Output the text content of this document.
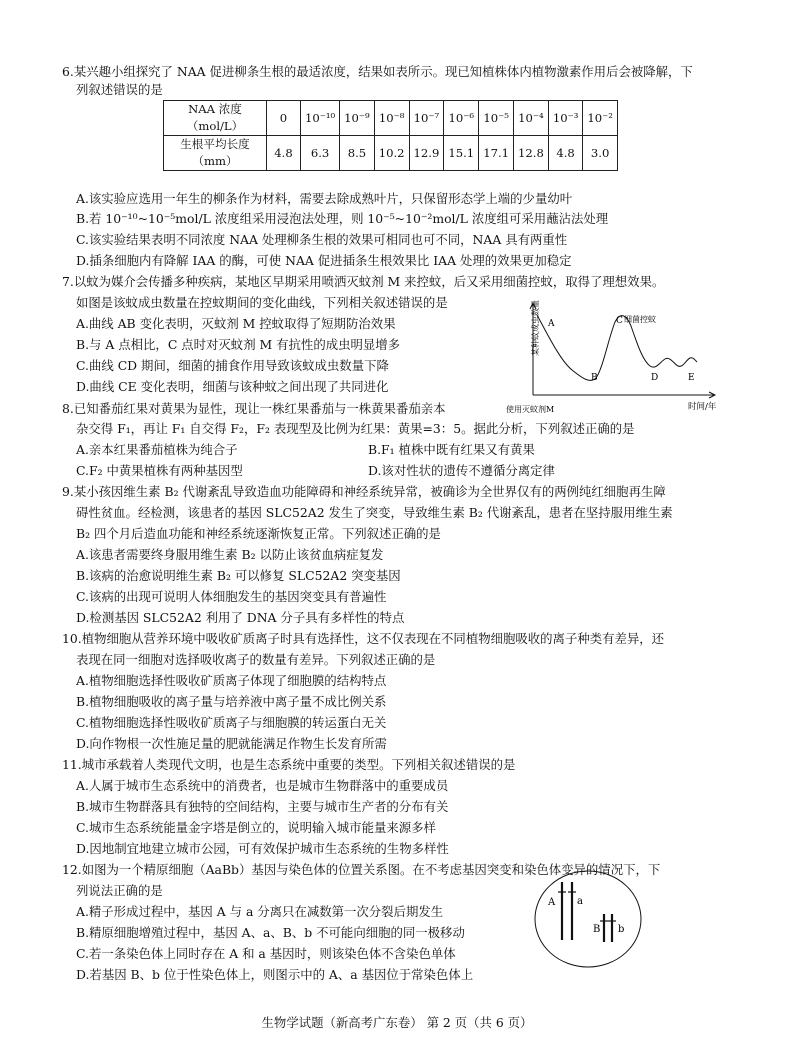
6.某兴趣小组探究了 NAA 促进柳条生根的最适浓度，结果如表所示。现已知植株体内植物激素作用后会被降解，下
列叙述错误的是
NAA 浓度
（mol/L）	0	10⁻¹⁰	10⁻⁹	10⁻⁸	10⁻⁷	10⁻⁶	10⁻⁵	10⁻⁴	10⁻³	10⁻²

生根平均长度
（mm）	4.8	6.3	8.5	10.2	12.9	15.1	17.1	12.8	4.8	3.0
A.该实验应选用一年生的柳条作为材料，需要去除成熟叶片，只保留形态学上端的少量幼叶
B.若 10⁻¹⁰~10⁻⁵mol/L 浓度组采用浸泡法处理，则 10⁻⁵~10⁻²mol/L 浓度组可采用蘸沾法处理
C.该实验结果表明不同浓度 NAA 处理柳条生根的效果可相同也可不同，NAA 具有两重性
D.插条细胞内有降解 IAA 的酶，可使 NAA 促进插条生根效果比 IAA 处理的效果更加稳定
7.以蚊为媒介会传播多种疾病，某地区早期采用喷洒灭蚊剂 M 来控蚊，后又采用细菌控蚊，取得了理想效果。
如图是该蚊成虫数量在控蚊期间的变化曲线，下列相关叙述错误的是
A.曲线 AB 变化表明，灭蚊剂 M 控蚊取得了短期防治效果
B.与 A 点相比，C 点时对灭蚊剂 M 有抗性的成虫明显增多
C.曲线 CD 期间，细菌的捕食作用导致该蚊成虫数量下降
D.曲线 CE 变化表明，细菌与该种蚊之间出现了共同进化
某种蚊成虫数量
时间/年
使用灭蚊剂M
A
B
C 细菌控蚊
D	E
8.已知番茄红果对黄果为显性，现让一株红果番茄与一株黄果番茄亲本
杂交得 F₁，再让 F₁ 自交得 F₂，F₂ 表现型及比例为红果：黄果=3：5。据此分析，下列叙述正确的是
A.亲本红果番茄植株为纯合子	B.F₁ 植株中既有红果又有黄果
C.F₂ 中黄果植株有两种基因型	D.该对性状的遗传不遵循分离定律
9.某小孩因维生素 B₂ 代谢紊乱导致造血功能障碍和神经系统异常，被确诊为全世界仅有的两例纯红细胞再生障
碍性贫血。经检测，该患者的基因 SLC52A2 发生了突变，导致维生素 B₂ 代谢紊乱，患者在坚持服用维生素
B₂ 四个月后造血功能和神经系统逐渐恢复正常。下列叙述正确的是
A.该患者需要终身服用维生素 B₂ 以防止该贫血病症复发
B.该病的治愈说明维生素 B₂ 可以修复 SLC52A2 突变基因
C.该病的出现可说明人体细胞发生的基因突变具有普遍性
D.检测基因 SLC52A2 利用了 DNA 分子具有多样性的特点
10.植物细胞从营养环境中吸收矿质离子时具有选择性，这不仅表现在不同植物细胞吸收的离子种类有差异，还
表现在同一细胞对选择吸收离子的数量有差异。下列叙述正确的是
A.植物细胞选择性吸收矿质离子体现了细胞膜的结构特点
B.植物细胞吸收的离子量与培养液中离子量不成比例关系
C.植物细胞选择性吸收矿质离子与细胞膜的转运蛋白无关
D.向作物根一次性施足量的肥就能满足作物生长发育所需
11.城市承载着人类现代文明，也是生态系统中重要的类型。下列相关叙述错误的是
A.人属于城市生态系统中的消费者，也是城市生物群落中的重要成员
B.城市生物群落具有独特的空间结构，主要与城市生产者的分布有关
C.城市生态系统能量金字塔是倒立的，说明输入城市能量来源多样
D.因地制宜地建立城市公园，可有效保护城市生态系统的生物多样性
12.如图为一个精原细胞（AaBb）基因与染色体的位置关系图。在不考虑基因突变和染色体变异的情况下，下
列说法正确的是
A.精子形成过程中，基因 A 与 a 分离只在减数第一次分裂后期发生
B.精原细胞增殖过程中，基因 A、a、B、b 不可能向细胞的同一极移动
C.若一条染色体上同时存在 A 和 a 基因时，则该染色体不含染色单体
D.若基因 B、b 位于性染色体上，则图示中的 A、a 基因位于常染色体上
A a
B b
生物学试题（新高考广东卷） 第 2 页（共 6 页）
